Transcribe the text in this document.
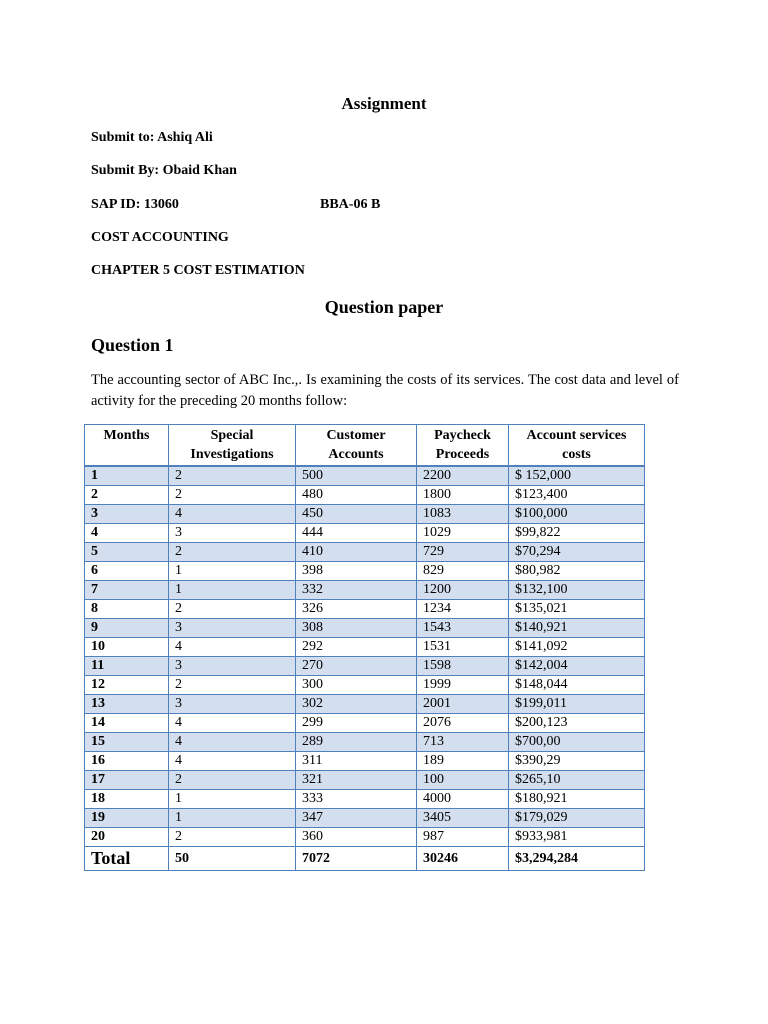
Assignment
Submit to: Ashiq Ali
Submit By: Obaid Khan
SAP ID: 13060	BBA-06 B
COST ACCOUNTING
CHAPTER 5 COST ESTIMATION
Question paper
Question 1
The accounting sector of ABC Inc.,. Is examining the costs of its services. The cost data and level of activity for the preceding 20 months follow:
Months	Special Investigations	Customer Accounts	Paycheck Proceeds	Account services costs
1	2	500	2200	$ 152,000
2	2	480	1800	$123,400
3	4	450	1083	$100,000
4	3	444	1029	$99,822
5	2	410	729	$70,294
6	1	398	829	$80,982
7	1	332	1200	$132,100
8	2	326	1234	$135,021
9	3	308	1543	$140,921
10	4	292	1531	$141,092
11	3	270	1598	$142,004
12	2	300	1999	$148,044
13	3	302	2001	$199,011
14	4	299	2076	$200,123
15	4	289	713	$700,00
16	4	311	189	$390,29
17	2	321	100	$265,10
18	1	333	4000	$180,921
19	1	347	3405	$179,029
20	2	360	987	$933,981
Total	50	7072	30246	$3,294,284
